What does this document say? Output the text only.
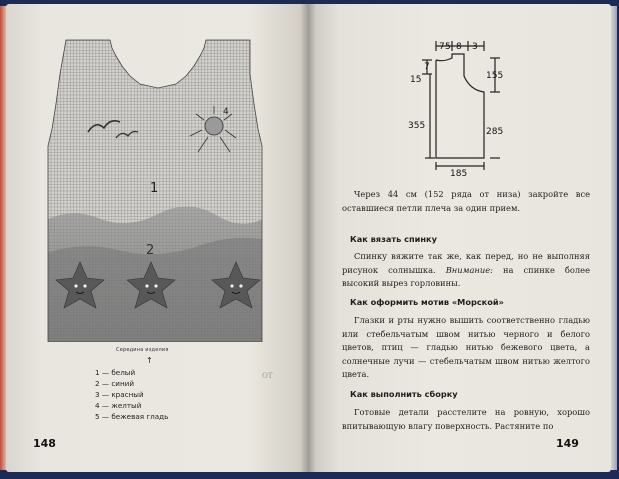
1
2
4
Середина изделия
↑
1 — белый
2 — синий
3 — красный
4 — желтый
5 — бежевая гладь
ОТ
148
7 5 8 3
7
15	155
355
285
185

Через 44 см (152 ряда от низа) закройте все оставшиеся петли плеча за один прием.

Как вязать спинку

Спинку вяжите так же, как перед, но не выполняя рисунок солнышка. Внимание: на спинке более высокий вырез горловины.

Как оформить мотив «Морской»

Глазки и рты нужно вышить соответственно гладью или стебельчатым швом нитью черного и белого цветов, птиц — гладью нитью бежевого цвета, а солнечные лучи — стебельчатым швом нитью желтого цвета.

Как выполнить сборку

Готовые детали расстелите на ровную, хорошо впитывающую влагу поверхность. Растяните по

149
